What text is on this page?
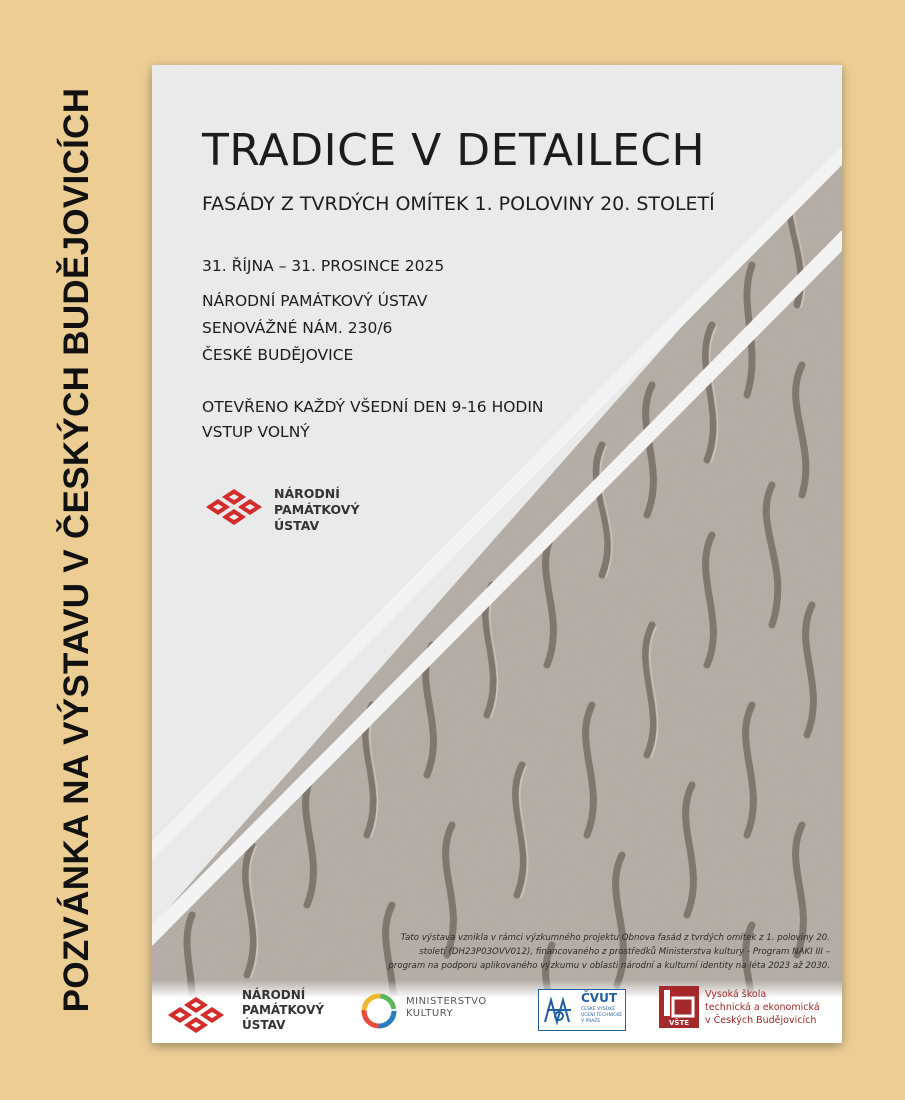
POZVÁNKA NA VÝSTAVU V ČESKÝCH BUDĚJOVICÍCH TRADICE V DETAILECH
FASÁDY Z TVRDÝCH OMÍTEK 1. POLOVINY 20. STOLETÍ
31. ŘÍJNA – 31. PROSINCE 2025
NÁRODNÍ PAMÁTKOVÝ ÚSTAV
SENOVÁŽNÉ NÁM. 230/6
ČESKÉ BUDĚJOVICE
OTEVŘENO KAŽDÝ VŠEDNÍ DEN 9-16 HODIN
VSTUP VOLNÝ
NÁRODNÍ
PAMÁTKOVÝ
ÚSTAV
Tato výstava vznikla v rámci výzkumného projektu Obnova fasád z tvrdých omítek z 1. poloviny 20.
století (DH23P03OVV012), financovaného z prostředků Ministerstva kultury - Program NAKI III –
program na podporu aplikovaného výzkumu v oblasti národní a kulturní identity na léta 2023 až 2030.
NÁRODNÍ
PAMÁTKOVÝ
ÚSTAV
MINISTERSTVO
KULTURY
ČVUT
ČESKÉ VYSOKÉ
UČENÍ TECHNICKÉ
V PRAZE	VŠTE
Vysoká škola
technická a ekonomická
v Českých Budějovicích
